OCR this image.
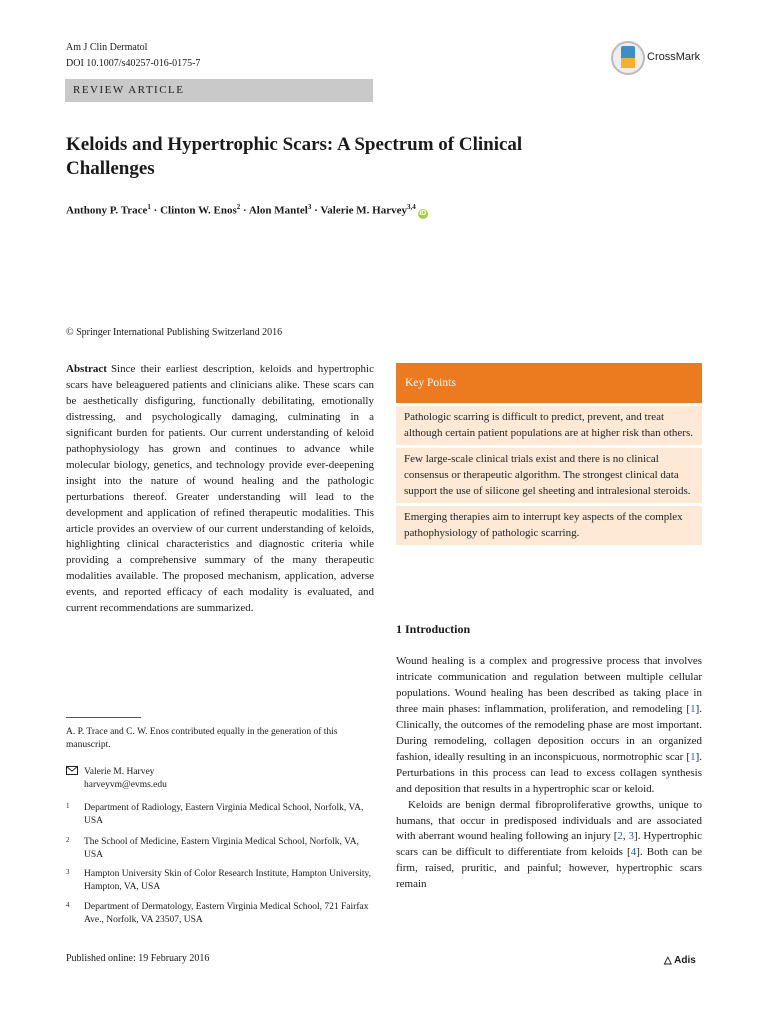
Am J Clin Dermatol
DOI 10.1007/s40257-016-0175-7
CrossMark
REVIEW ARTICLE
Keloids and Hypertrophic Scars: A Spectrum of Clinical
Challenges
Anthony P. Trace$^1$ · Clinton W. Enos$^2$ · Alon Mantel$^3$ · Valerie M. Harvey$^{3,4}$iD
© Springer International Publishing Switzerland 2016
Abstract Since their earliest description, keloids and hypertrophic scars have beleaguered patients and clinicians alike. These scars can be aesthetically disfiguring, functionally debilitating, emotionally distressing, and psychologically damaging, culminating in a significant burden for patients. Our current understanding of keloid pathophysiology has grown and continues to advance while molecular biology, genetics, and technology provide ever-deepening insight into the nature of wound healing and the pathologic perturbations thereof. Greater understanding will lead to the development and application of refined therapeutic modalities. This article provides an overview of our current understanding of keloids, highlighting clinical characteristics and diagnostic criteria while providing a comprehensive summary of the many therapeutic modalities available. The proposed mechanism, application, adverse events, and reported efficacy of each modality is evaluated, and current recommendations are summarized.
A. P. Trace and C. W. Enos contributed equally in the generation of this manuscript.
Valerie M. Harvey
harveyvm@evms.edu
1 Department of Radiology, Eastern Virginia Medical School, Norfolk, VA, USA
2 The School of Medicine, Eastern Virginia Medical School, Norfolk, VA, USA
3 Hampton University Skin of Color Research Institute, Hampton University, Hampton, VA, USA
4 Department of Dermatology, Eastern Virginia Medical School, 721 Fairfax Ave., Norfolk, VA 23507, USA
Key Points
Pathologic scarring is difficult to predict, prevent, and treat although certain patient populations are at higher risk than others.
Few large-scale clinical trials exist and there is no clinical consensus or therapeutic algorithm. The strongest clinical data support the use of silicone gel sheeting and intralesional steroids.
Emerging therapies aim to interrupt key aspects of the complex pathophysiology of pathologic scarring.
1 Introduction

Wound healing is a complex and progressive process that involves intricate communication and regulation between multiple cellular populations. Wound healing has been described as taking place in three main phases: inflammation, proliferation, and remodeling [1]. Clinically, the outcomes of the remodeling phase are most important. During remodeling, collagen deposition occurs in an organized fashion, ideally resulting in an inconspicuous, normotrophic scar [1]. Perturbations in this process can lead to excess collagen synthesis and deposition that results in a hypertrophic scar or keloid.

Keloids are benign dermal fibroproliferative growths, unique to humans, that occur in predisposed individuals and are associated with aberrant wound healing following an injury [2, 3]. Hypertrophic scars can be difficult to differentiate from keloids [4]. Both can be firm, raised, pruritic, and painful; however, hypertrophic scars remain

Published online: 19 February 2016	△ Adis
